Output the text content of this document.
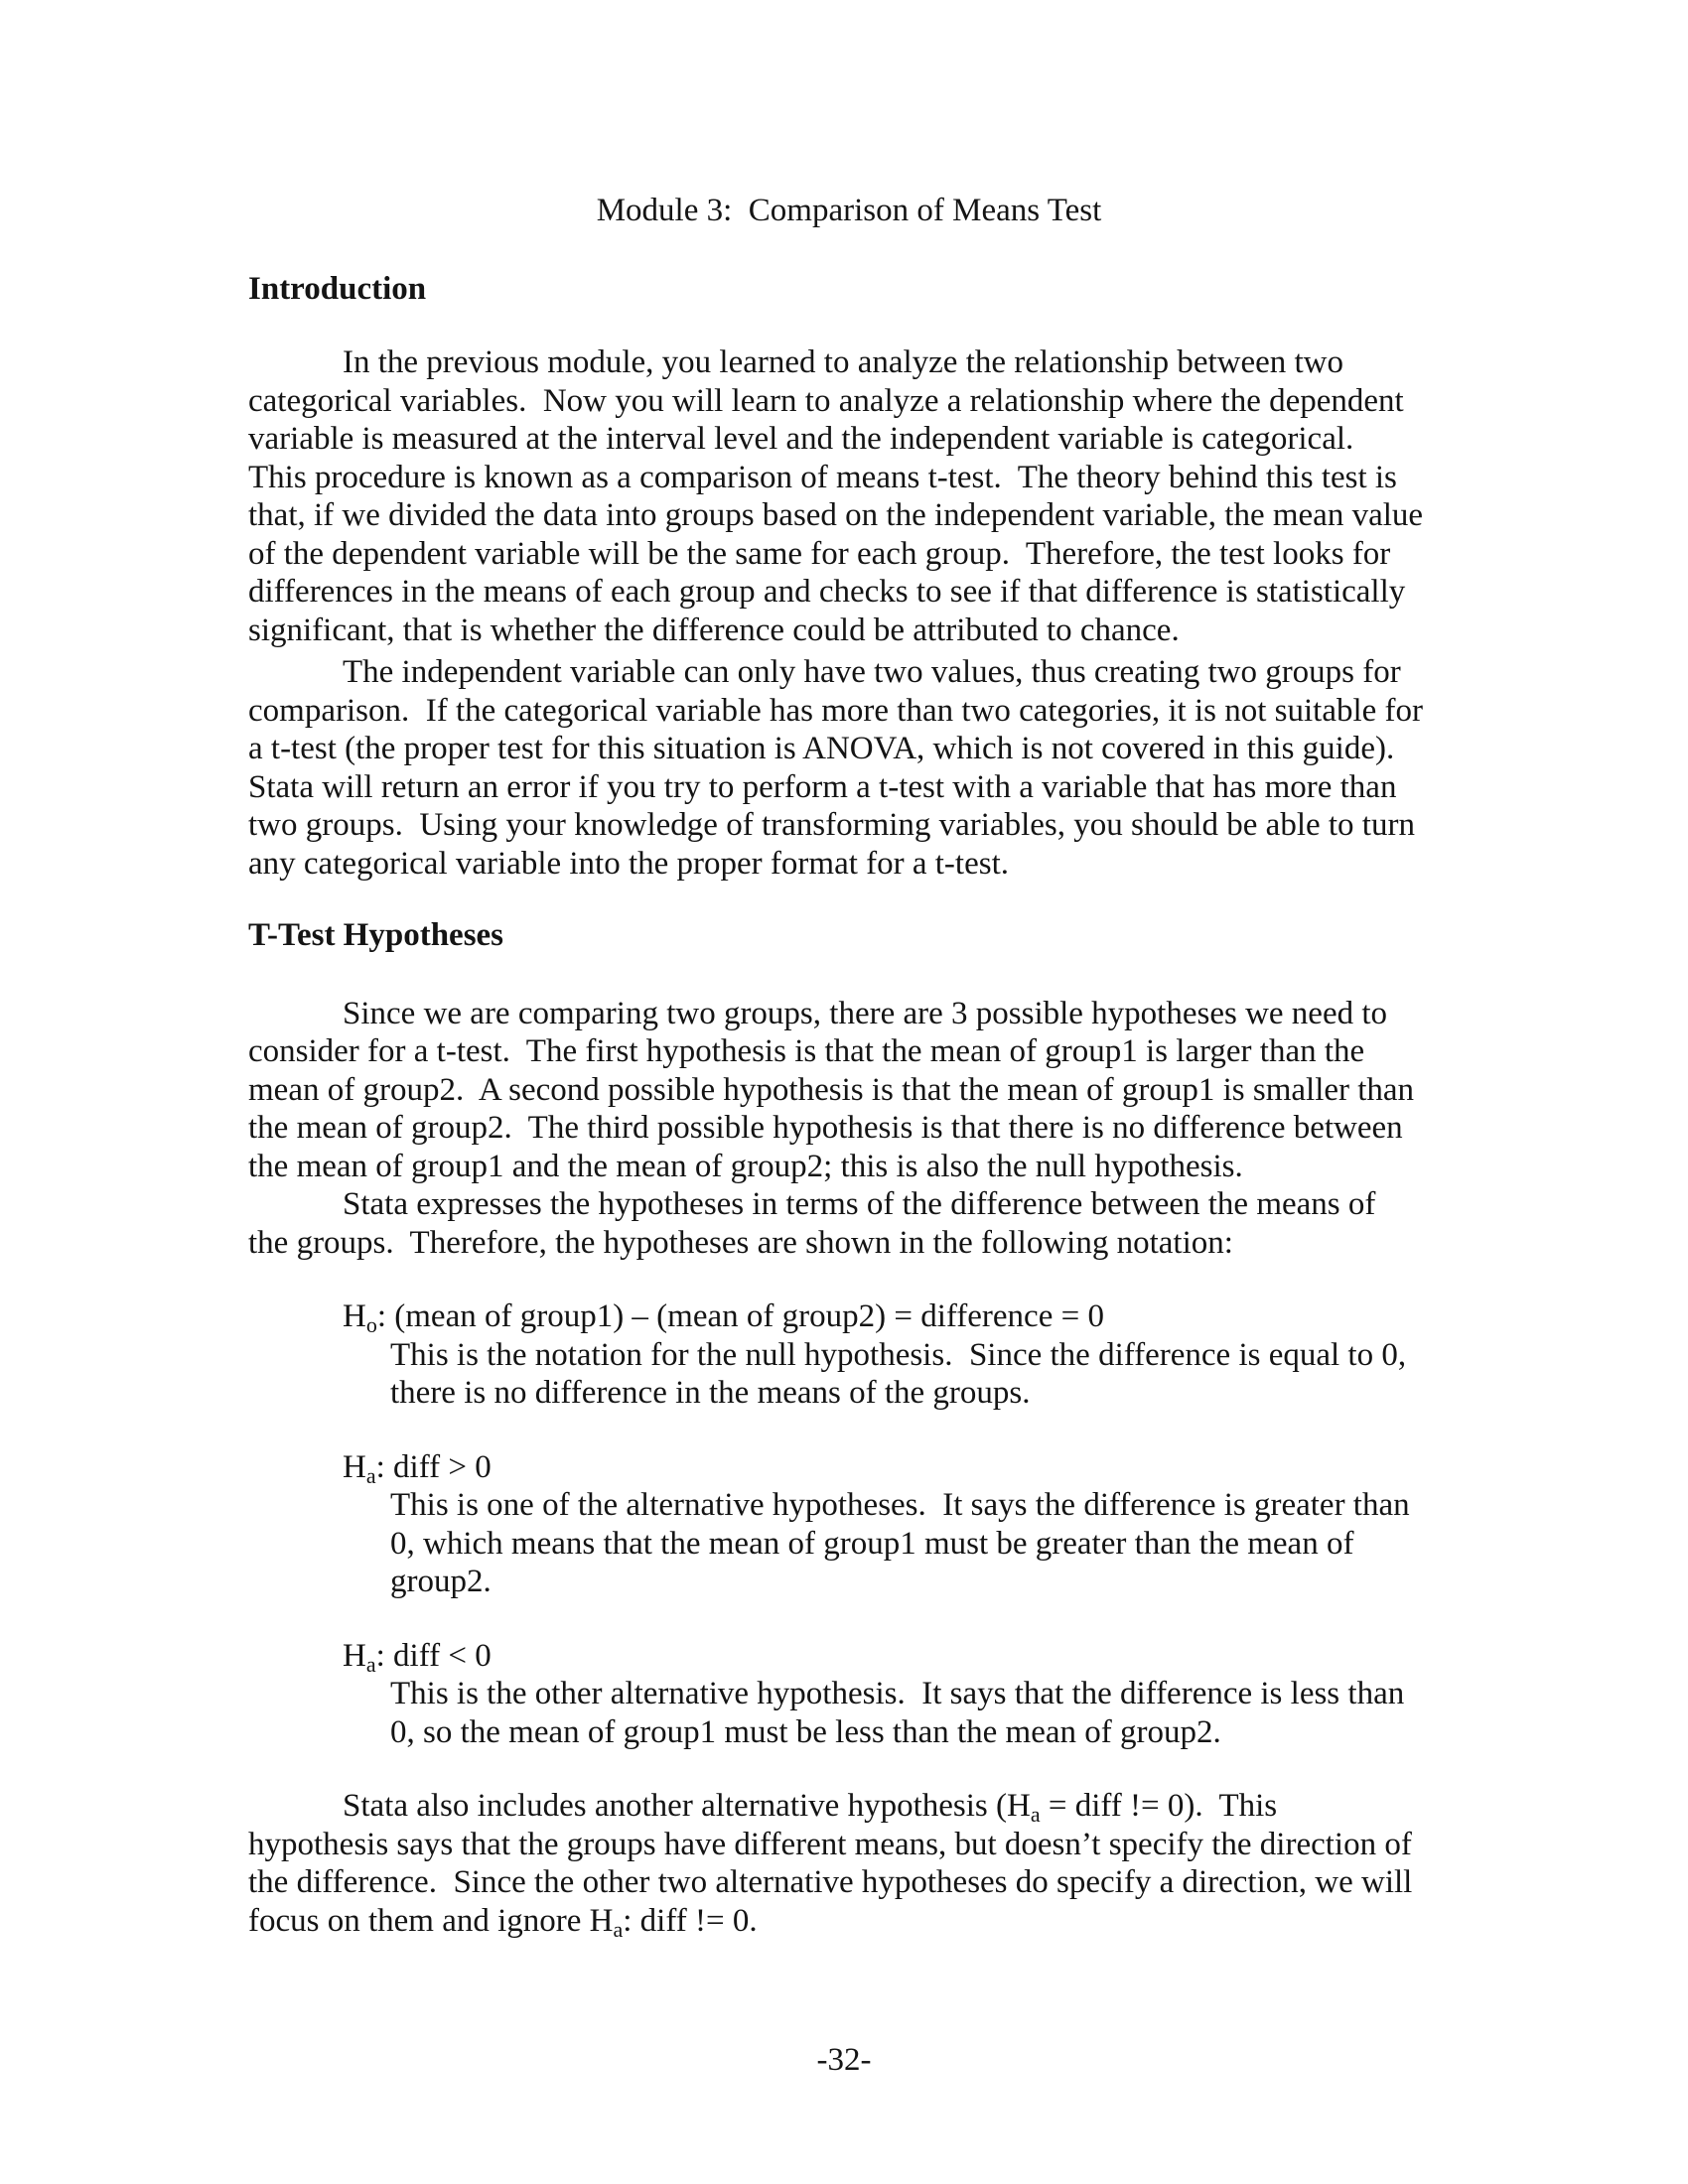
Module 3:  Comparison of Means Test
Introduction
In the previous module, you learned to analyze the relationship between two
categorical variables.  Now you will learn to analyze a relationship where the dependent
variable is measured at the interval level and the independent variable is categorical.
This procedure is known as a comparison of means t-test.  The theory behind this test is
that, if we divided the data into groups based on the independent variable, the mean value
of the dependent variable will be the same for each group.  Therefore, the test looks for
differences in the means of each group and checks to see if that difference is statistically
significant, that is whether the difference could be attributed to chance.
The independent variable can only have two values, thus creating two groups for
comparison.  If the categorical variable has more than two categories, it is not suitable for
a t-test (the proper test for this situation is ANOVA, which is not covered in this guide).
Stata will return an error if you try to perform a t-test with a variable that has more than
two groups.  Using your knowledge of transforming variables, you should be able to turn
any categorical variable into the proper format for a t-test.
T-Test Hypotheses
Since we are comparing two groups, there are 3 possible hypotheses we need to
consider for a t-test.  The first hypothesis is that the mean of group1 is larger than the
mean of group2.  A second possible hypothesis is that the mean of group1 is smaller than
the mean of group2.  The third possible hypothesis is that there is no difference between
the mean of group1 and the mean of group2; this is also the null hypothesis.
Stata expresses the hypotheses in terms of the difference between the means of
the groups.  Therefore, the hypotheses are shown in the following notation:
$H_o$: (mean of group1) – (mean of group2) = difference = 0
This is the notation for the null hypothesis.  Since the difference is equal to 0,
there is no difference in the means of the groups.
$H_a$: diff > 0
This is one of the alternative hypotheses.  It says the difference is greater than
0, which means that the mean of group1 must be greater than the mean of
group2.
$H_a$: diff < 0
This is the other alternative hypothesis.  It says that the difference is less than
0, so the mean of group1 must be less than the mean of group2.
Stata also includes another alternative hypothesis ($H_a$ = diff != 0).  This
hypothesis says that the groups have different means, but doesn’t specify the direction of
the difference.  Since the other two alternative hypotheses do specify a direction, we will
focus on them and ignore $H_a$: diff != 0.
-32-
